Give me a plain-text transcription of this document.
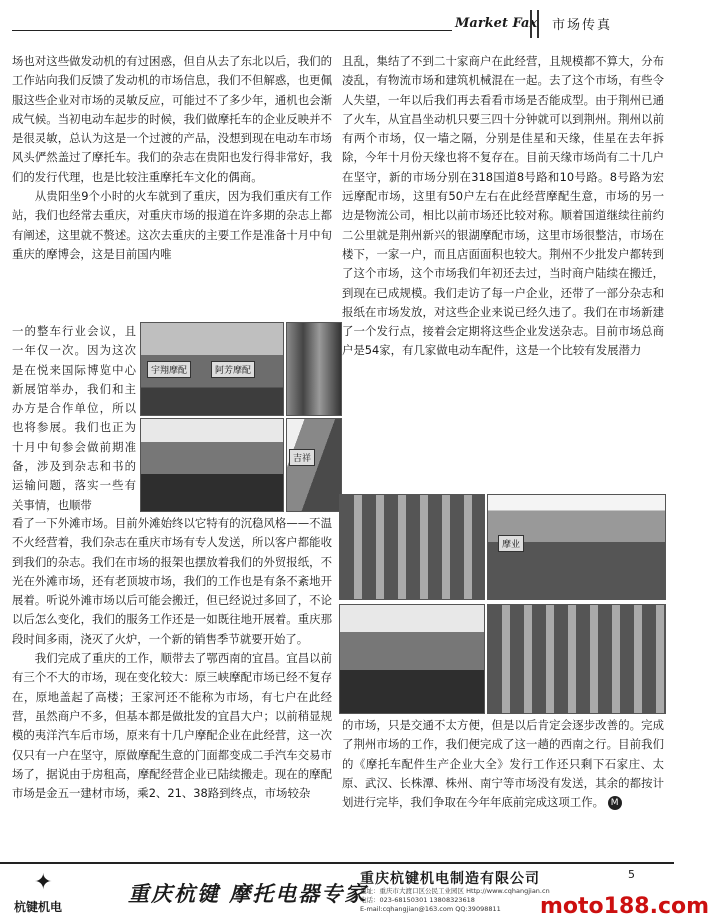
Market Fax 市场传真

场也对这些做发动机的有过困惑，但自从去了东北以后，我们的工作站向我们反馈了发动机的市场信息，我们不但解惑，也更佩服这些企业对市场的灵敏反应，可能过不了多少年，通机也会渐成气候。当初电动车起步的时候，我们做摩托车的企业反映并不是很灵敏，总认为这是一个过渡的产品，没想到现在电动车市场风头俨然盖过了摩托车。我们的杂志在贵阳也发行得非常好，我们的发行代理，也是比较注重摩托车文化的偶商。

从贵阳坐9个小时的火车就到了重庆，因为我们重庆有工作站，我们也经常去重庆，对重庆市场的报道在许多期的杂志上都有阐述，这里就不赘述。这次去重庆的主要工作是准备十月中旬重庆的摩博会，这是目前国内唯

宇翔摩配	阿芳摩配
吉祥
一的整车行业会议，且一年仅一次。因为这次是在悦来国际博览中心新展馆举办，我们和主办方是合作单位，所以也将参展。我们也正为十月中旬参会做前期准备，涉及到杂志和书的运输问题，落实一些有关事情，也顺带

看了一下外滩市场。目前外滩始终以它特有的沉稳风格——不温不火经营着，我们杂志在重庆市场有专人发送，所以客户都能收到我们的杂志。我们在市场的报架也摆放着我们的外贸报纸，不光在外滩市场，还有老顶坡市场，我们的工作也是有条不紊地开展着。听说外滩市场以后可能会搬迁，但已经说过多回了，不论以后怎么变化，我们的服务工作还是一如既往地开展着。重庆那段时间多雨，浇灭了火炉，一个新的销售季节就要开始了。

我们完成了重庆的工作，顺带去了鄂西南的宜昌。宜昌以前有三个不大的市场，现在变化较大：原三峡摩配市场已经不复存在，原地盖起了高楼；王家河还不能称为市场，有七户在此经营，虽然商户不多，但基本都是做批发的宜昌大户；以前稍显规模的夷洋汽车后市场，原来有十几户摩配企业在此经营，这一次仅只有一户在坚守，原做摩配生意的门面都变成二手汽车交易市场了，据说由于房租高，摩配经营企业已陆续搬走。现在的摩配市场是金五一建材市场，乘2、21、38路到终点，市场较杂

且乱，集结了不到二十家商户在此经营，且规模都不算大，分布凌乱，有物流市场和建筑机械混在一起。去了这个市场，有些令人失望，一年以后我们再去看看市场是否能成型。由于荆州已通了火车，从宜昌坐动机只要三四十分钟就可以到荆州。荆州以前有两个市场，仅一墙之隔，分别是佳星和天缘，佳星在去年拆除，今年十月份天缘也将不复存在。目前天缘市场尚有二十几户在坚守，新的市场分别在318国道8号路和10号路。8号路为宏远摩配市场，这里有50户左右在此经营摩配生意，市场的另一边是物流公司，相比以前市场还比较对称。顺着国道继续往前约二公里就是荆州新兴的银湖摩配市场，这里市场很整洁，市场在楼下，一家一户，而且店面面积也较大。荆州不少批发户都转到了这个市场，这个市场我们年初还去过，当时商户陆续在搬迁，到现在已成规模。我们走访了每一户企业，还带了一部分杂志和报纸在市场发放，对这些企业来说已经久违了。我们在市场新建了一个发行点，接着会定期将这些企业发送杂志。目前市场总商户是54家，有几家做电动车配件，这是一个比较有发展潜力

摩业

的市场，只是交通不太方便，但是以后肯定会逐步改善的。完成了荆州市场的工作，我们便完成了这一趟的西南之行。目前我们的《摩托车配件生产企业大全》发行工作还只剩下石家庄、太原、武汉、长株潭、株州、南宁等市场没有发送，其余的都按计划进行完毕，我们争取在今年年底前完成这项工作。 M

✦
杭键机电
重庆杭键 摩托电器专家
重庆杭键机电制造有限公司
地址：重庆市大渡口区公民工业园区 Http://www.cqhangjian.cn
电话：023-68150301 13808323618
E-mail:cqhangjian@163.com QQ:39098811
5
moto188.com
